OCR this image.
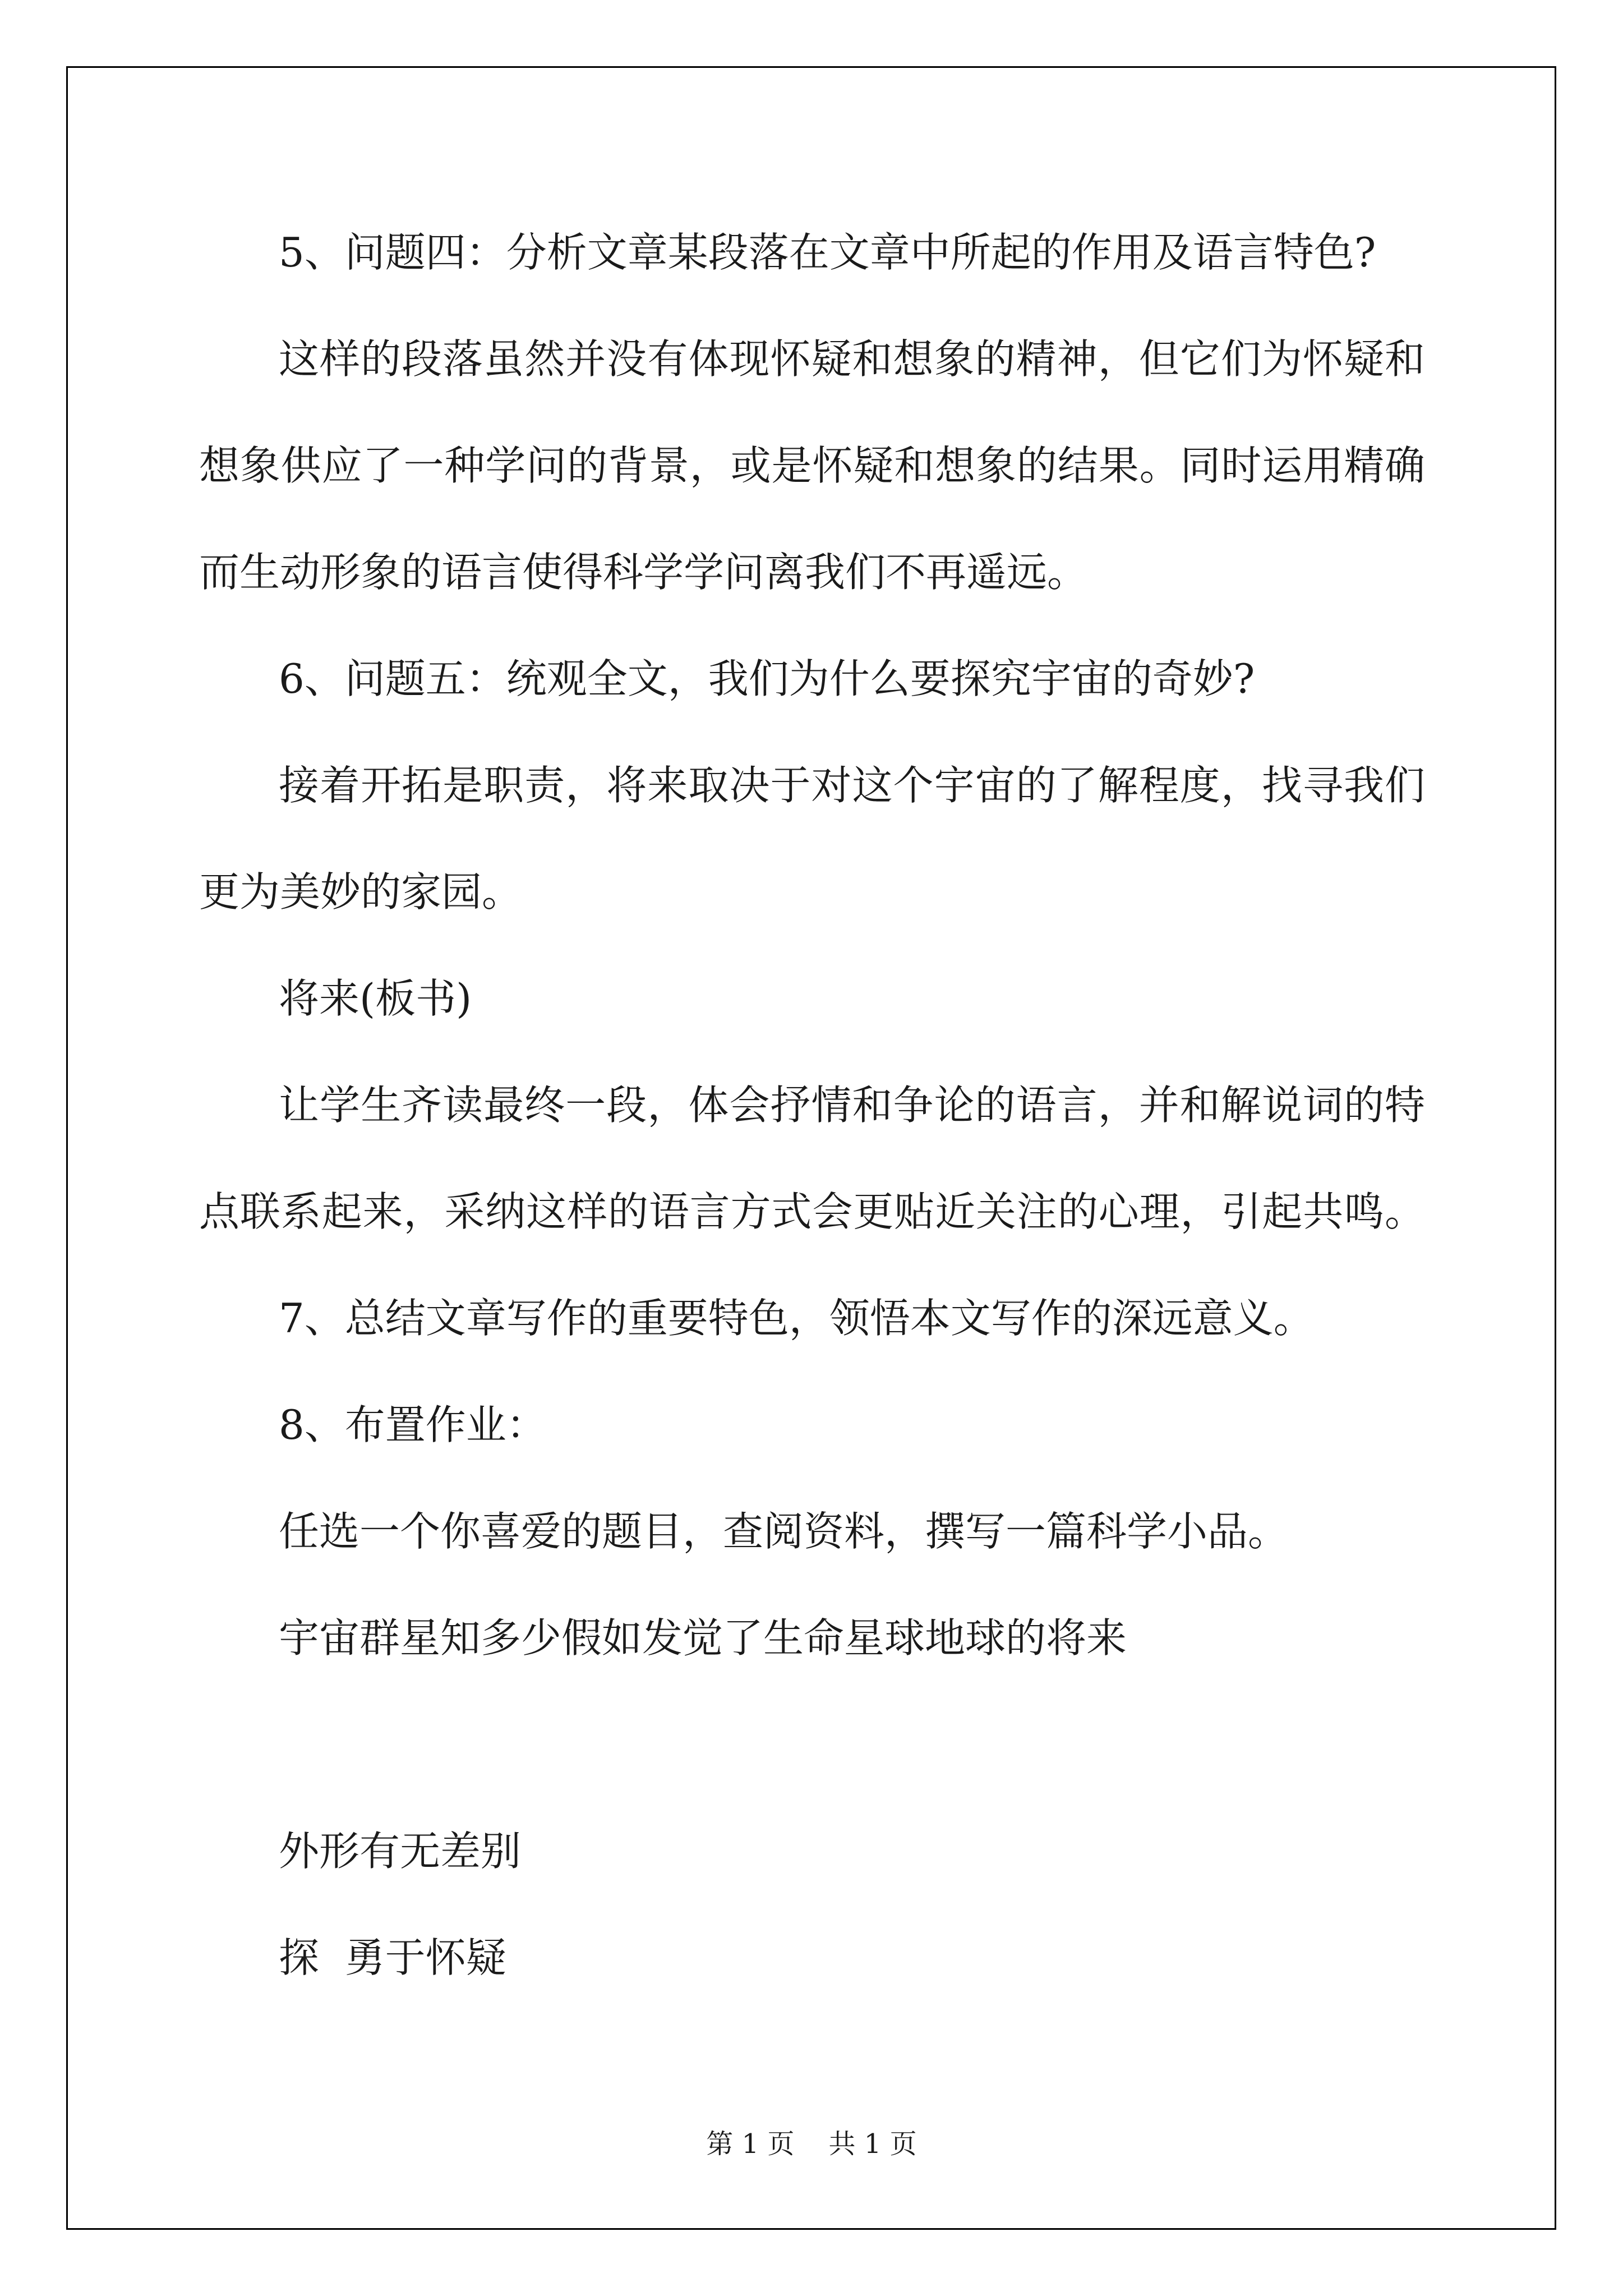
5、问题四：分析文章某段落在文章中所起的作用及语言特色?

这样的段落虽然并没有体现怀疑和想象的精神，但它们为怀疑和

想象供应了一种学问的背景，或是怀疑和想象的结果。同时运用精确

而生动形象的语言使得科学学问离我们不再遥远。

6、问题五：统观全文，我们为什么要探究宇宙的奇妙?

接着开拓是职责，将来取决于对这个宇宙的了解程度，找寻我们

更为美妙的家园。

将来(板书)

让学生齐读最终一段，体会抒情和争论的语言，并和解说词的特

点联系起来，采纳这样的语言方式会更贴近关注的心理，引起共鸣。

7、总结文章写作的重要特色，领悟本文写作的深远意义。

8、布置作业：

任选一个你喜爱的题目，查阅资料，撰写一篇科学小品。

宇宙群星知多少假如发觉了生命星球地球的将来

外形有无差别

探  勇于怀疑

第 1 页    共 1 页
